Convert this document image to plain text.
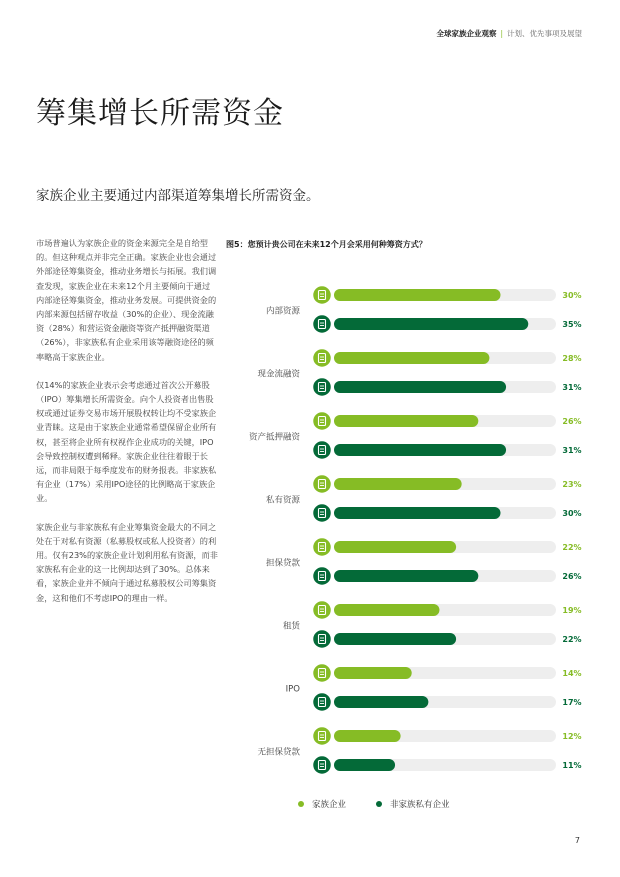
全球家族企业观察 | 计划、优先事项及展望
筹集增长所需资金
家族企业主要通过内部渠道筹集增长所需资金。

市场普遍认为家族企业的资金来源完全是自给型的。但这种观点并非完全正确。家族企业也会通过外部途径筹集资金，推动业务增长与拓展。我们调查发现，家族企业在未来12个月主要倾向于通过内部途径筹集资金，推动业务发展。可提供资金的内部来源包括留存收益（30%的企业）、现金流融资（28%）和营运资金融资等资产抵押融资渠道（26%），非家族私有企业采用该等融资途径的频率略高于家族企业。

仅14%的家族企业表示会考虑通过首次公开募股（IPO）筹集增长所需资金。向个人投资者出售股权或通过证券交易市场开展股权转让均不受家族企业青睐。这是由于家族企业通常希望保留企业所有权，甚至将企业所有权视作企业成功的关键，IPO会导致控制权遭到稀释。家族企业往往着眼于长远，而非局限于每季度发布的财务报表。非家族私有企业（17%）采用IPO途径的比例略高于家族企业。

家族企业与非家族私有企业筹集资金最大的不同之处在于对私有资源（私募股权或私人投资者）的利用。仅有23%的家族企业计划利用私有资源，而非家族私有企业的这一比例却达到了30%。总体来看，家族企业并不倾向于通过私募股权公司筹集资金，这和他们不考虑IPO的理由一样。

图5：您预计贵公司在未来12个月会采用何种筹资方式？
内部资源
30%
35%
现金流融资
28%
31%
资产抵押融资
26%
31%
私有资源
23%
30%
担保贷款
22%
26%
租赁
19%
22%
IPO
14%
17%
无担保贷款
12%
11%
家族企业	非家族私有企业
7
